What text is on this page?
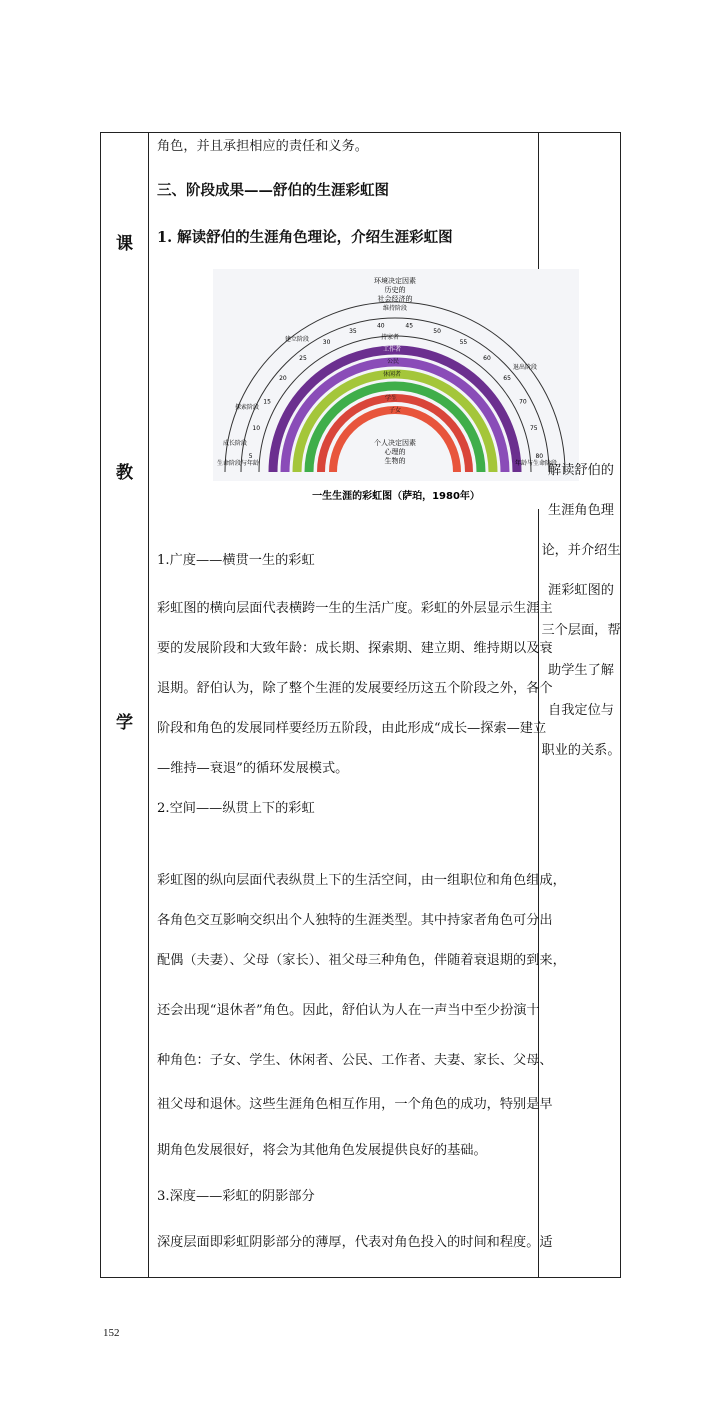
课
教
学
角色，并且承担相应的责任和义务。
三、阶段成果——舒伯的生涯彩虹图
1. 解读舒伯的生涯角色理论，介绍生涯彩虹图
环境决定因素
历史的
社会经济的
维持阶段
个人决定因素
心理的
生物的
建立阶段
探索阶段
成长阶段
退出阶段
生命阶段与年龄	年龄与生命阶段
持家者
工作者
公民
休闲者
学生
子女
5
10
15
20
25
30
35
40	45
50
55
60
65
70
75
80
一生生涯的彩虹图（萨珀，1980年）
1.广度——横贯一生的彩虹
彩虹图的横向层面代表横跨一生的生活广度。彩虹的外层显示生涯主
要的发展阶段和大致年龄：成长期、探索期、建立期、维持期以及衰
退期。舒伯认为，除了整个生涯的发展要经历这五个阶段之外，各个
阶段和角色的发展同样要经历五阶段，由此形成“成长—探索—建立
—维持—衰退”的循环发展模式。
2.空间——纵贯上下的彩虹
彩虹图的纵向层面代表纵贯上下的生活空间，由一组职位和角色组成，
各角色交互影响交织出个人独特的生涯类型。其中持家者角色可分出
配偶（夫妻）、父母（家长）、祖父母三种角色，伴随着衰退期的到来，
还会出现“退休者”角色。因此，舒伯认为人在一声当中至少扮演十
种角色：子女、学生、休闲者、公民、工作者、夫妻、家长、父母、
祖父母和退休。这些生涯角色相互作用，一个角色的成功，特别是早
期角色发展很好，将会为其他角色发展提供良好的基础。
3.深度——彩虹的阴影部分
深度层面即彩虹阴影部分的薄厚，代表对角色投入的时间和程度。适
解读舒伯的
生涯角色理
论，并介绍生
涯彩虹图的
三个层面，帮
助学生了解
自我定位与
职业的关系。
152
